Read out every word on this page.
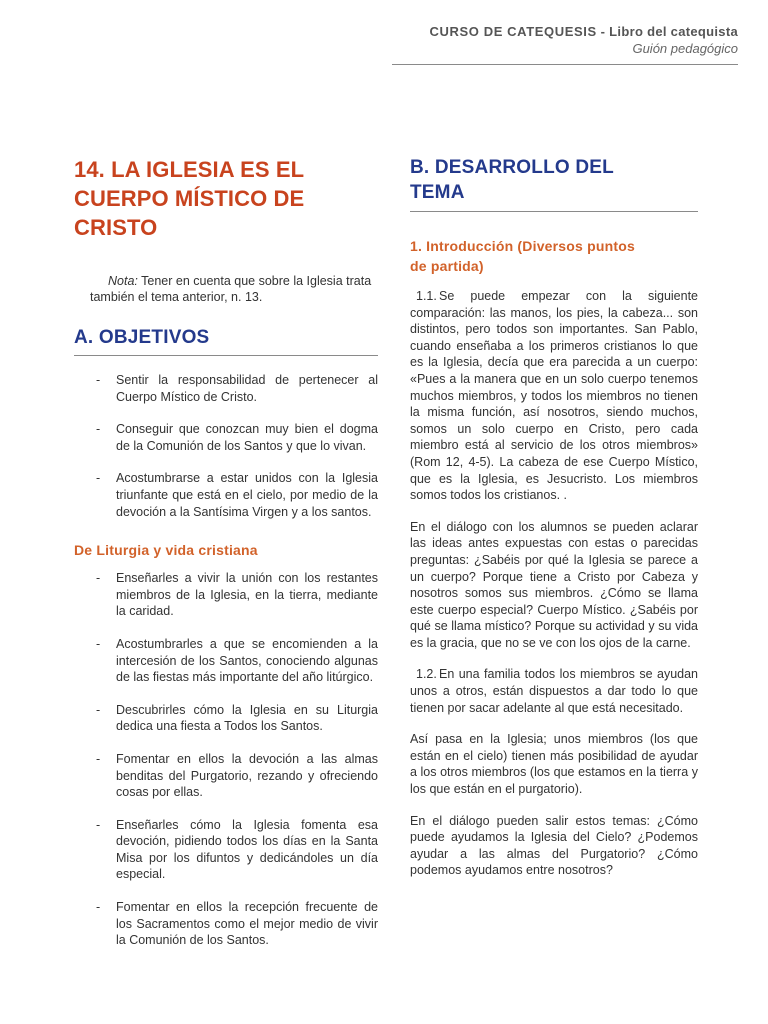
CURSO DE CATEQUESIS - Libro del catequista
Guión pedagógico
14. LA IGLESIA ES EL
CUERPO MÍSTICO DE
CRISTO

Nota: Tener en cuenta que sobre la Iglesia trata también el tema anterior, n. 13.

A. OBJETIVOS
- Sentir la responsabilidad de pertenecer al Cuerpo Místico de Cristo.
- Conseguir que conozcan muy bien el dogma de la Comunión de los Santos y que lo vivan.
- Acostumbrarse a estar unidos con la Iglesia triunfante que está en el cielo, por medio de la devoción a la Santísima Virgen y a los santos.
De Liturgia y vida cristiana
- Enseñarles a vivir la unión con los restantes miembros de la Iglesia, en la tierra, mediante la caridad.
- Acostumbrarles a que se encomienden a la intercesión de los Santos, conociendo algunas de las fiestas más importante del año litúrgico.
- Descubrirles cómo la Iglesia en su Liturgia dedica una fiesta a Todos los Santos.
- Fomentar en ellos la devoción a las almas benditas del Purgatorio, rezando y ofreciendo cosas por ellas.
- Enseñarles cómo la Iglesia fomenta esa devoción, pidiendo todos los días en la Santa Misa por los difuntos y dedicándoles un día especial.
- Fomentar en ellos la recepción frecuente de los Sacramentos como el mejor medio de vivir la Comunión de los Santos.
B. DESARROLLO DEL
TEMA
1. Introducción (Diversos puntos
de partida)

1.1. Se puede empezar con la siguiente comparación: las manos, los pies, la cabeza... son distintos, pero todos son importantes. San Pablo, cuando enseñaba a los primeros cristianos lo que es la Iglesia, decía que era parecida a un cuerpo: «Pues a la manera que en un solo cuerpo tenemos muchos miembros, y todos los miembros no tienen la misma función, así nosotros, siendo muchos, somos un solo cuerpo en Cristo, pero cada miembro está al servicio de los otros miembros» (Rom 12, 4-5). La cabeza de ese Cuerpo Místico, que es la Iglesia, es Jesucristo. Los miembros somos todos los cristianos. .

En el diálogo con los alumnos se pueden aclarar las ideas antes expuestas con estas o parecidas preguntas: ¿Sabéis por qué la Iglesia se parece a un cuerpo? Porque tiene a Cristo por Cabeza y nosotros somos sus miembros. ¿Cómo se llama este cuerpo especial? Cuerpo Místico. ¿Sabéis por qué se llama místico? Porque su actividad y su vida es la gracia, que no se ve con los ojos de la carne.

1.2. En una familia todos los miembros se ayudan unos a otros, están dispuestos a dar todo lo que tienen por sacar adelante al que está necesitado.

Así pasa en la Iglesia; unos miembros (los que están en el cielo) tienen más posibilidad de ayudar a los otros miembros (los que estamos en la tierra y los que están en el purgatorio).

En el diálogo pueden salir estos temas: ¿Cómo puede ayudamos la Iglesia del Cielo? ¿Podemos ayudar a las almas del Purgatorio? ¿Cómo podemos ayudamos entre nosotros?
